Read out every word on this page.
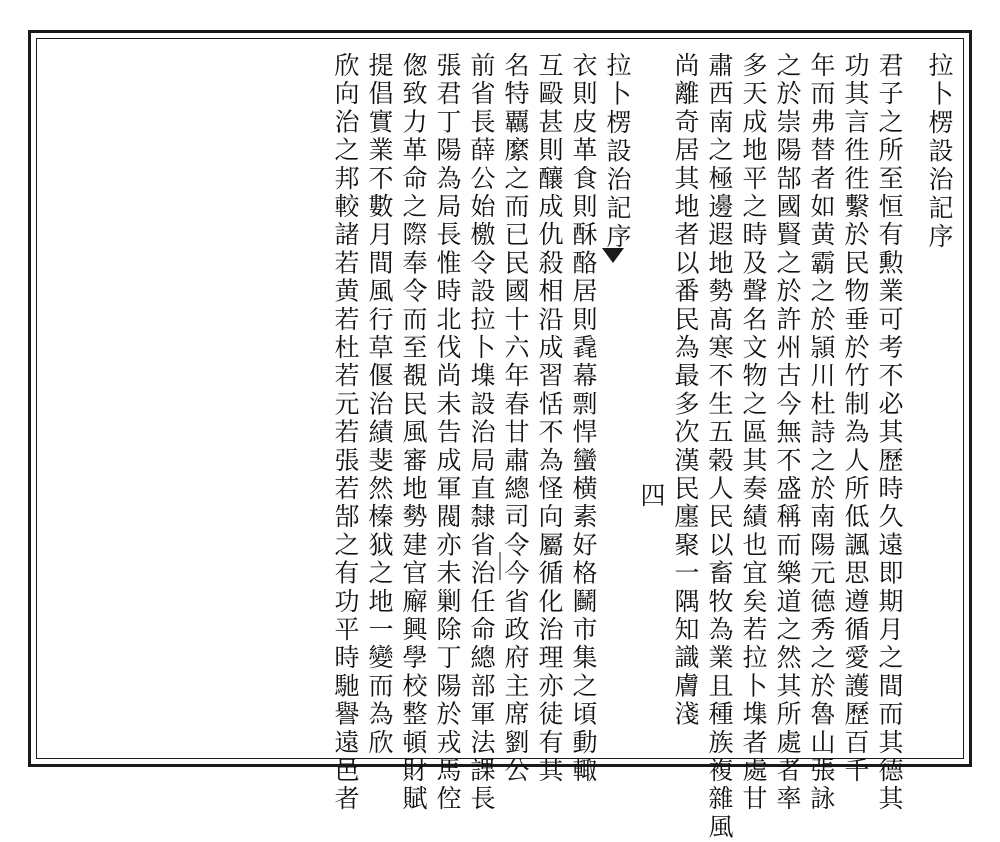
拉卜楞設治記序
君子之所至恒有勲業可考不必其歷時久遠即期月之間而其德其
功其言徃徃繫於民物垂於竹制為人所低諷思遵循愛護歷百千
年而弗替者如黄霸之於頴川杜詩之於南陽元德秀之於魯山張詠
之於崇陽郜國賢之於許州古今無不盛稱而樂道之然其所處者率
多天成地平之時及聲名文物之區其奏績也宜矣若拉卜㙫者處甘
肅西南之極邊遐地勢髙寒不生五榖人民以畜牧為業且種族複雜風
尚離奇居其地者以番民為最多次漢民廛聚一隅知識膚淺
四
拉卜楞設治記序
衣則皮革食則酥酪居則毳幕剽悍蠻横素好格鬭市集之頃動輙
互毆甚則釀成仇殺相沿成習恬不為怪向屬循化治理亦徒有其
名特覊縻之而已民國十六年春甘肅總司令今省政府主席劉公
前省長薛公始檄令設拉卜㙫設治局直隸省治任命總部軍法課長
張君丁陽為局長惟時北伐尚未告成軍閥亦未剿除丁陽於戎馬倥
偬致力革命之際奉令而至覩民風審地勢建官廨興學校整頓財賦
提倡實業不數月間風行草偃治績斐然榛狘之地一變而為欣
欣向治之邦較諸若黄若杜若元若張若郜之有功平時馳譽遠邑者
